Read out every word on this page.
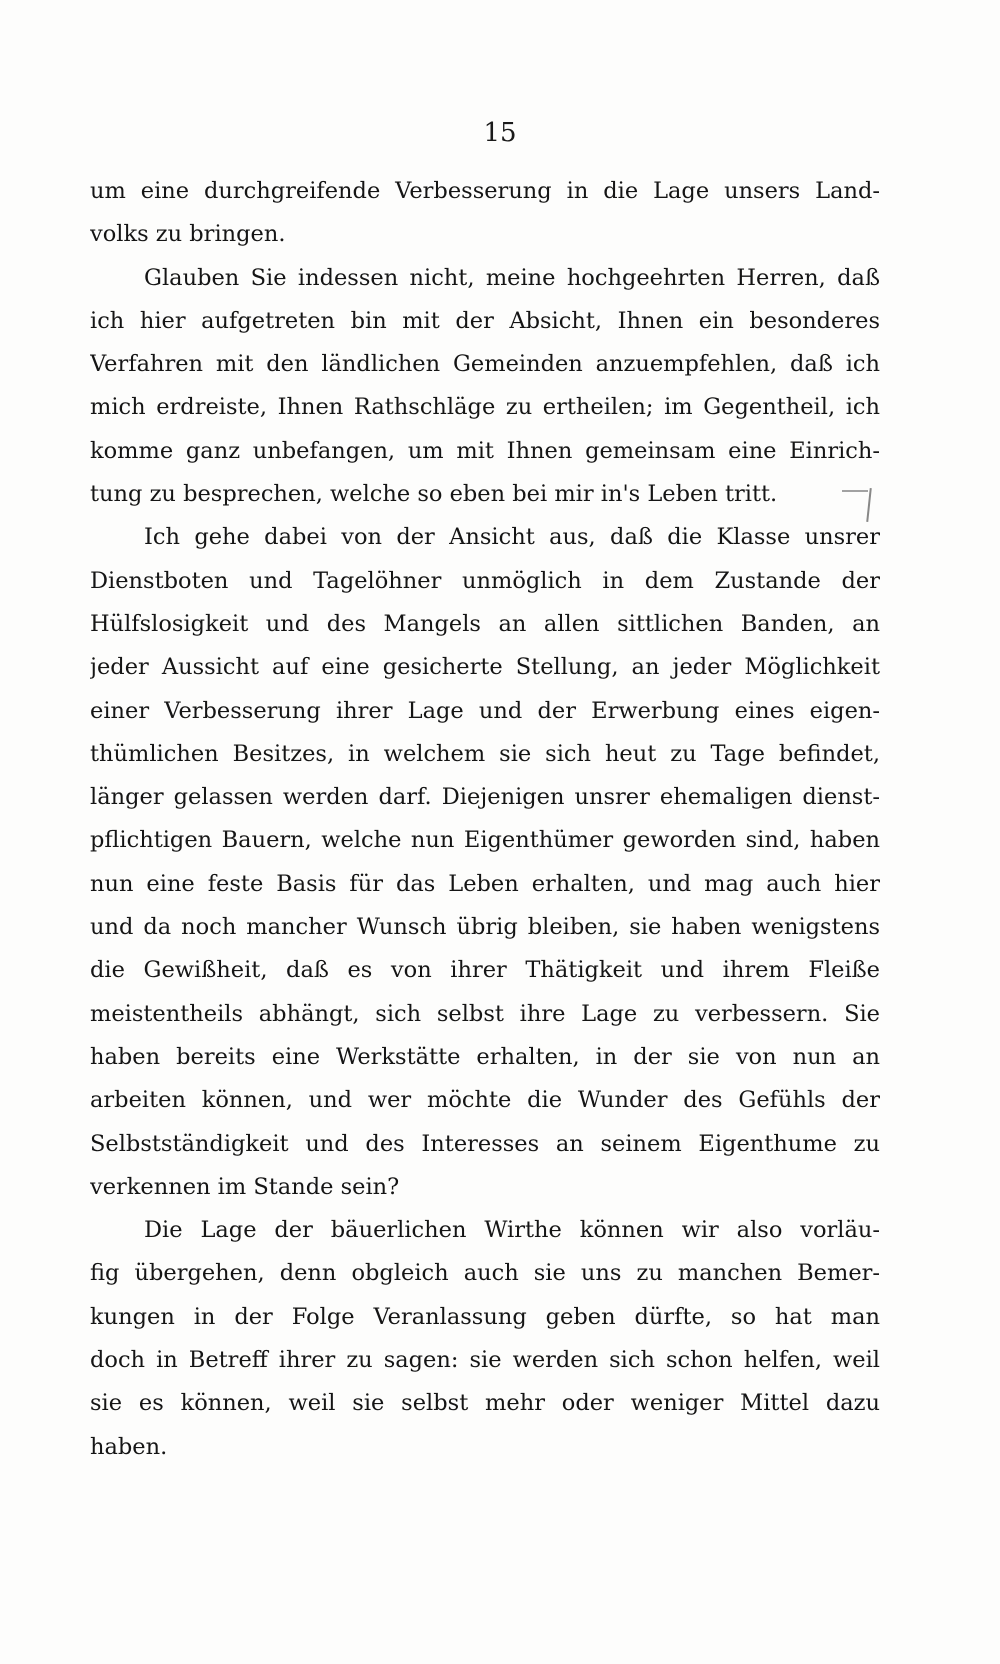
15
um eine durchgreifende Verbesserung in die Lage unsers Land-
volks zu bringen.
Glauben Sie indessen nicht, meine hochgeehrten Herren, daß
ich hier aufgetreten bin mit der Absicht, Ihnen ein besonderes
Verfahren mit den ländlichen Gemeinden anzuempfehlen, daß ich
mich erdreiste, Ihnen Rathschläge zu ertheilen; im Gegentheil, ich
komme ganz unbefangen, um mit Ihnen gemeinsam eine Einrich-
tung zu besprechen, welche so eben bei mir in's Leben tritt.
Ich gehe dabei von der Ansicht aus, daß die Klasse unsrer
Dienstboten und Tagelöhner unmöglich in dem Zustande der
Hülfslosigkeit und des Mangels an allen sittlichen Banden, an
jeder Aussicht auf eine gesicherte Stellung, an jeder Möglichkeit
einer Verbesserung ihrer Lage und der Erwerbung eines eigen-
thümlichen Besitzes, in welchem sie sich heut zu Tage befindet,
länger gelassen werden darf. Diejenigen unsrer ehemaligen dienst-
pflichtigen Bauern, welche nun Eigenthümer geworden sind, haben
nun eine feste Basis für das Leben erhalten, und mag auch hier
und da noch mancher Wunsch übrig bleiben, sie haben wenigstens
die Gewißheit, daß es von ihrer Thätigkeit und ihrem Fleiße
meistentheils abhängt, sich selbst ihre Lage zu verbessern. Sie
haben bereits eine Werkstätte erhalten, in der sie von nun an
arbeiten können, und wer möchte die Wunder des Gefühls der
Selbstständigkeit und des Interesses an seinem Eigenthume zu
verkennen im Stande sein?
Die Lage der bäuerlichen Wirthe können wir also vorläu-
fig übergehen, denn obgleich auch sie uns zu manchen Bemer-
kungen in der Folge Veranlassung geben dürfte, so hat man
doch in Betreff ihrer zu sagen: sie werden sich schon helfen, weil
sie es können, weil sie selbst mehr oder weniger Mittel dazu
haben.
